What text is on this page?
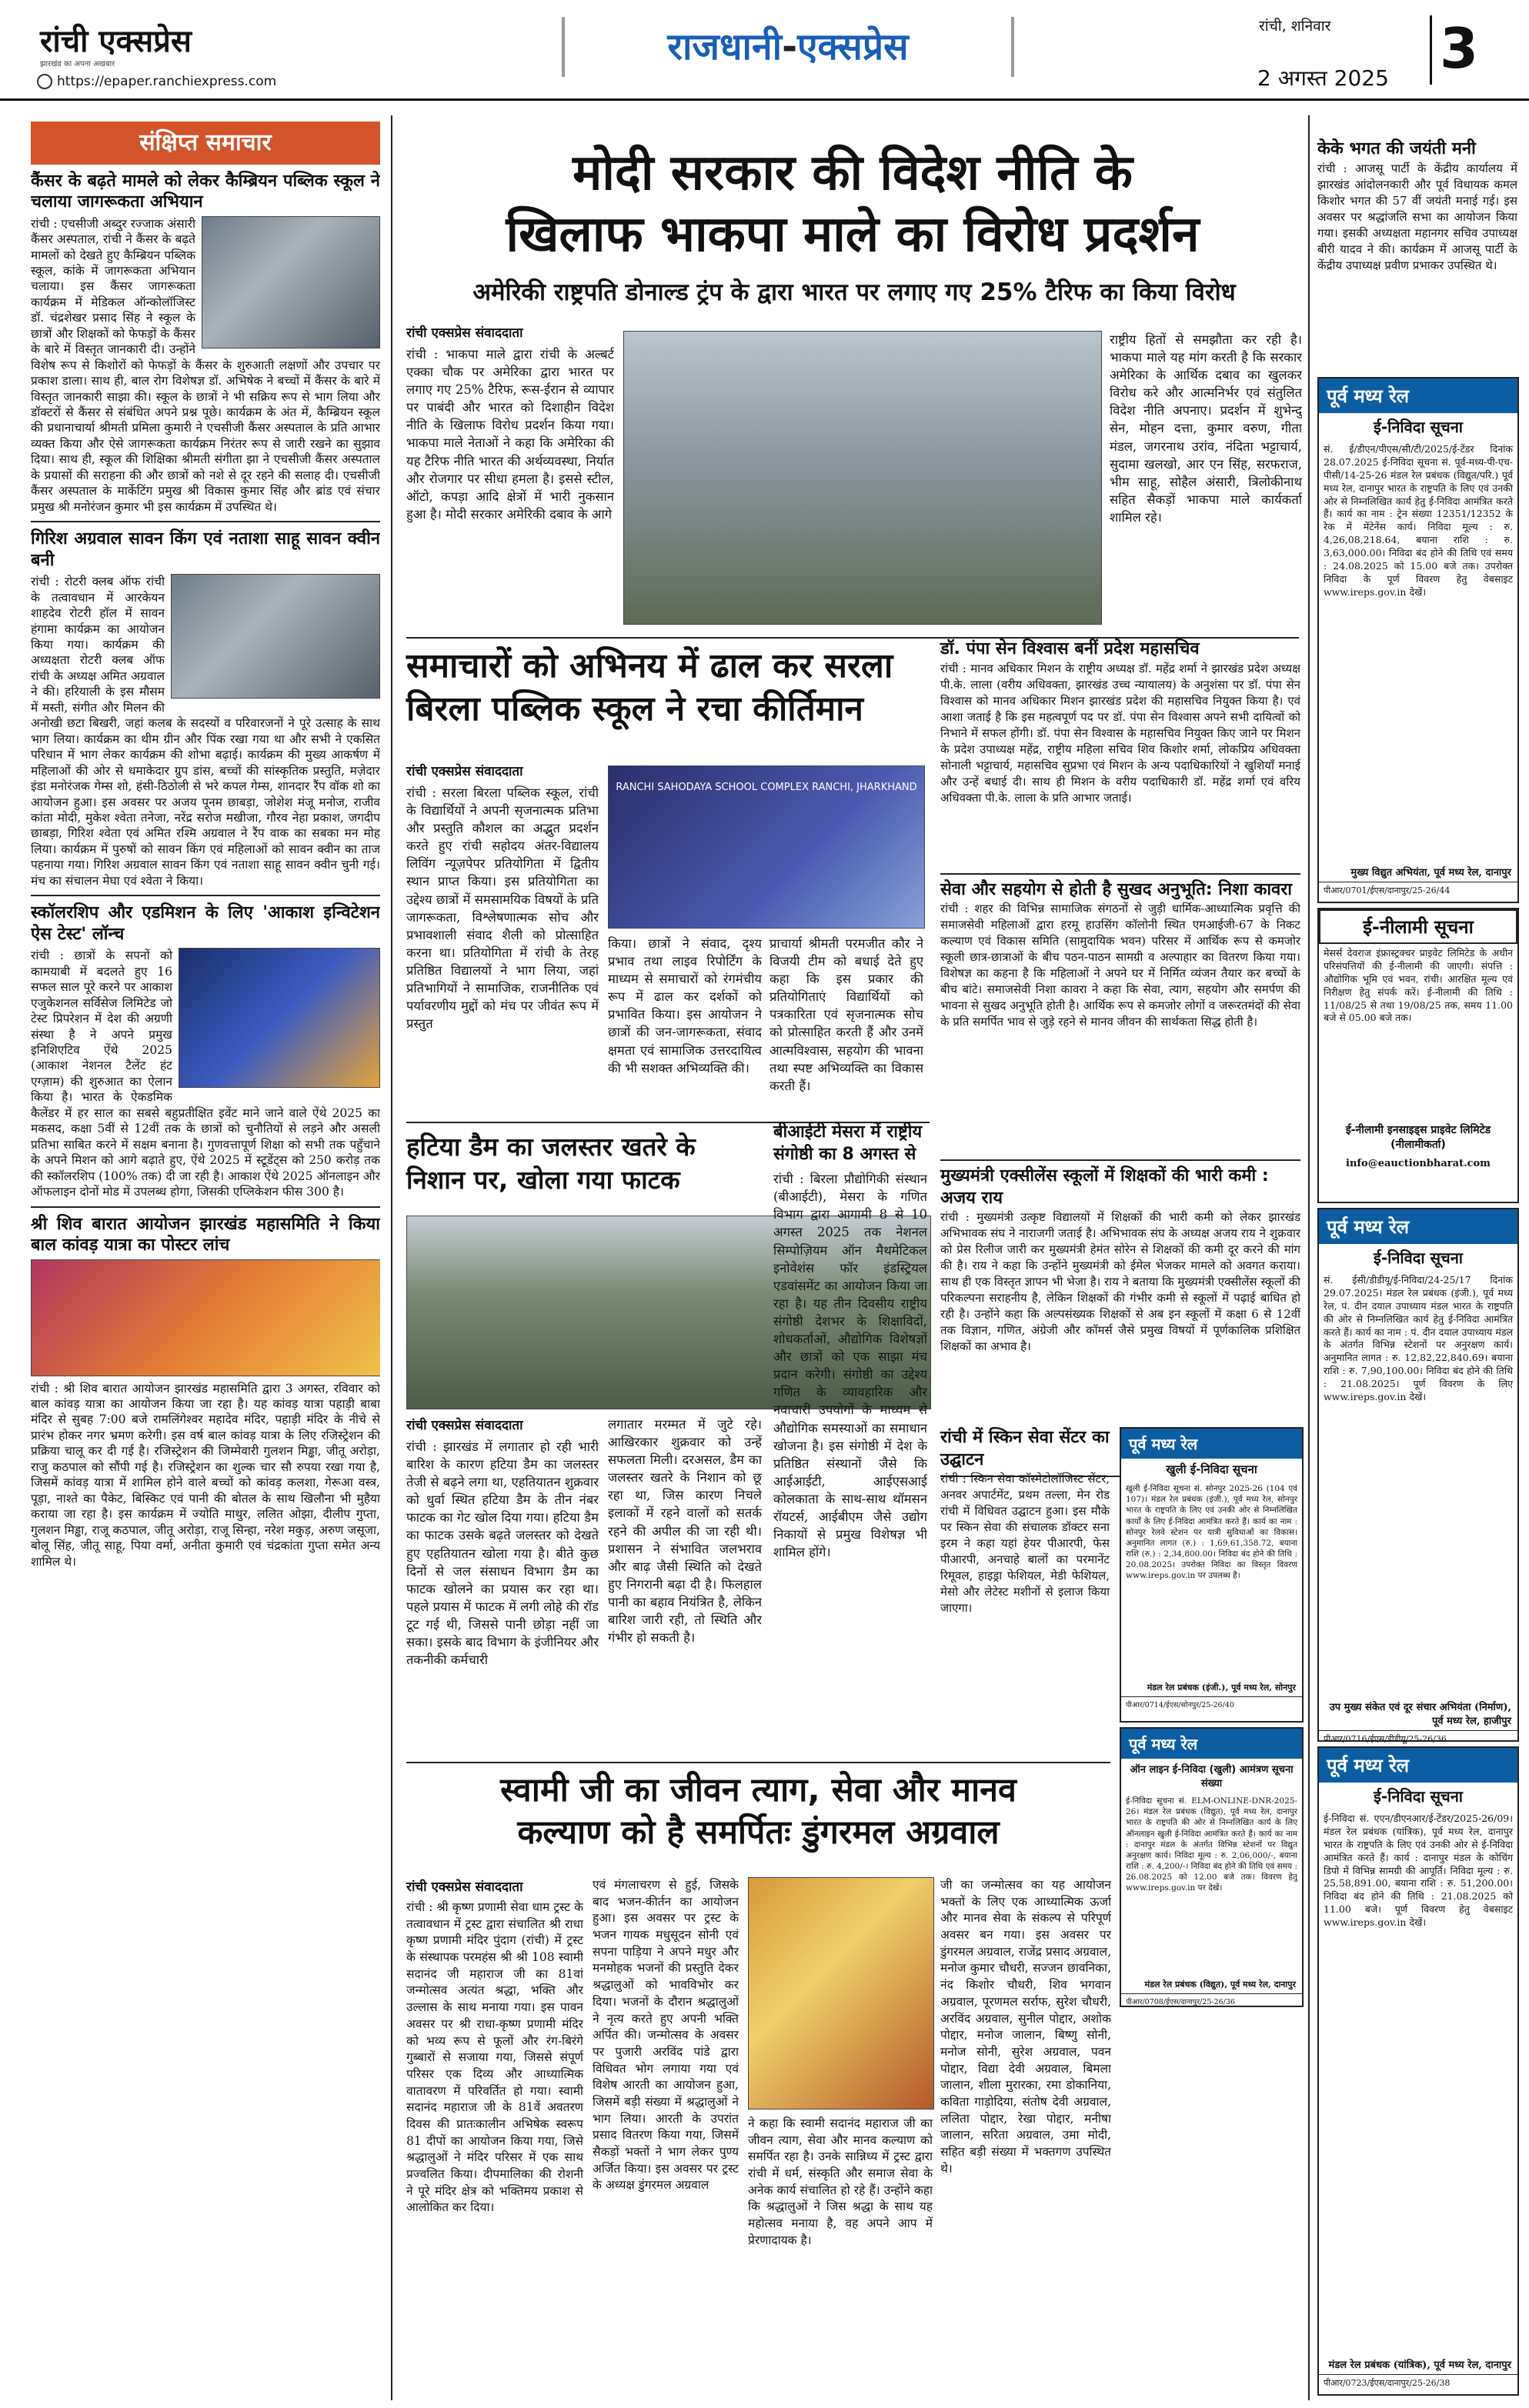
रांची एक्सप्रेस
झारखंड का अपना अखबार
https://epaper.ranchiexpress.com
राजधानी-एक्सप्रेस	रांची, शनिवार
2 अगस्त 2025 3
संक्षिप्त समाचार
कैंसर के बढ़ते मामले को लेकर कैम्ब्रियन पब्लिक स्कूल ने चलाया जागरूकता अभियान
रांची : एचसीजी अब्दुर रज्जाक अंसारी कैंसर अस्पताल, रांची ने कैंसर के बढ़ते मामलों को देखते हुए कैम्ब्रियन पब्लिक स्कूल, कांके में जागरूकता अभियान चलाया। इस कैंसर जागरूकता कार्यक्रम में मेडिकल ऑन्कोलॉजिस्ट डॉ. चंद्रशेखर प्रसाद सिंह ने स्कूल के छात्रों और शिक्षकों को फेफड़ों के कैंसर के बारे में विस्तृत जानकारी दी। उन्होंने विशेष रूप से किशोरों को फेफड़ों के कैंसर के शुरुआती लक्षणों और उपचार पर प्रकाश डाला। साथ ही, बाल रोग विशेषज्ञ डॉ. अभिषेक ने बच्चों में कैंसर के बारे में विस्तृत जानकारी साझा की। स्कूल के छात्रों ने भी सक्रिय रूप से भाग लिया और डॉक्टरों से कैंसर से संबंधित अपने प्रश्न पूछे। कार्यक्रम के अंत में, कैम्ब्रियन स्कूल की प्रधानाचार्या श्रीमती प्रमिला कुमारी ने एचसीजी कैंसर अस्पताल के प्रति आभार व्यक्त किया और ऐसे जागरूकता कार्यक्रम निरंतर रूप से जारी रखने का सुझाव दिया। साथ ही, स्कूल की शिक्षिका श्रीमती संगीता झा ने एचसीजी कैंसर अस्पताल के प्रयासों की सराहना की और छात्रों को नशे से दूर रहने की सलाह दी। एचसीजी कैंसर अस्पताल के मार्केटिंग प्रमुख श्री विकास कुमार सिंह और ब्रांड एवं संचार प्रमुख श्री मनोरंजन कुमार भी इस कार्यक्रम में उपस्थित थे।
गिरिश अग्रवाल सावन किंग एवं नताशा साहू सावन क्वीन बनी
रांची : रोटरी क्लब ऑफ रांची के तत्वावधान में आरकेयन शाहदेव रोटरी हॉल में सावन हंगामा कार्यक्रम का आयोजन किया गया। कार्यक्रम की अध्यक्षता रोटरी क्लब ऑफ रांची के अध्यक्ष अमित अग्रवाल ने की। हरियाली के इस मौसम में मस्ती, संगीत और मिलन की अनोखी छटा बिखरी, जहां कलब के सदस्यों व परिवारजनों ने पूरे उत्साह के साथ भाग लिया। कार्यक्रम का थीम ग्रीन और पिंक रखा गया था और सभी ने एकसित परिधान में भाग लेकर कार्यक्रम की शोभा बढ़ाई। कार्यक्रम की मुख्य आकर्षण में महिलाओं की ओर से धमाकेदार ग्रुप डांस, बच्चों की सांस्कृतिक प्रस्तुति, मज़ेदार इंडा मनोरंजक गेम्स शो, हंसी-ठिठोली से भरे कपल गेम्स, शानदार रैंप वॉक शो का आयोजन हुआ। इस अवसर पर अजय पूनम छाबड़ा, जोशेश मंजू मनोज, राजीव कांता मोदी, मुकेश श्वेता तनेजा, नरेंद्र सरोज मखीजा, गौरव नेहा प्रकाश, जगदीप छाबड़ा, गिरिश श्वेता एवं अमित रश्मि अग्रवाल ने रैंप वाक का सबका मन मोह लिया। कार्यक्रम में पुरुषों को सावन किंग एवं महिलाओं को सावन क्वीन का ताज पहनाया गया। गिरिश अग्रवाल सावन किंग एवं नताशा साहू सावन क्वीन चुनी गई। मंच का संचालन मेघा एवं श्वेता ने किया।
स्कॉलरशिप और एडमिशन के लिए 'आकाश इन्विटेशन ऐस टेस्ट' लॉन्च
रांची : छात्रों के सपनों को कामयाबी में बदलते हुए 16 सफल साल पूरे करने पर आकाश एजुकेशनल सर्विसेज लिमिटेड जो टेस्ट प्रिपरेशन में देश की अग्रणी संस्था है ने अपने प्रमुख इनिशिएटिव ऐंथे 2025 (आकाश नेशनल टैलेंट हंट एग्ज़ाम) की शुरुआत का ऐलान किया है। भारत के ऐकडमिक कैलेंडर में हर साल का सबसे बहुप्रतीक्षित इवेंट माने जाने वाले ऐंथे 2025 का मकसद, कक्षा 5वीं से 12वीं तक के छात्रों को चुनौतियों से लड़ने और असली प्रतिभा साबित करने में सक्षम बनाना है। गुणवत्तापूर्ण शिक्षा को सभी तक पहुँचाने के अपने मिशन को आगे बढ़ाते हुए, ऐंथे 2025 में स्टूडेंट्स को 250 करोड़ तक की स्कॉलरशिप (100% तक) दी जा रही है। आकाश ऐंथे 2025 ऑनलाइन और ऑफलाइन दोनों मोड में उपलब्ध होगा, जिसकी एप्लिकेशन फीस 300 है।
श्री शिव बारात आयोजन झारखंड महासमिति ने किया बाल कांवड़ यात्रा का पोस्टर लांच
रांची : श्री शिव बारात आयोजन झारखंड महासमिति द्वारा 3 अगस्त, रविवार को बाल कांवड़ यात्रा का आयोजन किया जा रहा है। यह कांवड़ यात्रा पहाड़ी बाबा मंदिर से सुबह 7:00 बजे रामलिंगेश्वर महादेव मंदिर, पहाड़ी मंदिर के नीचे से प्रारंभ होकर नगर भ्रमण करेगी। इस वर्ष बाल कांवड़ यात्रा के लिए रजिस्ट्रेशन की प्रक्रिया चालू कर दी गई है। रजिस्ट्रेशन की जिम्मेवारी गुलशन मिड्ढा, जीतू अरोड़ा, राजु कठपाल को सौंपी गई है। रजिस्ट्रेशन का शुल्क चार सौ रुपया रखा गया है, जिसमें कांवड़ यात्रा में शामिल होने वाले बच्चों को कांवड़ कलशा, गेरूआ वस्त्र, पूड़ा, नाश्ते का पैकेट, बिस्किट एवं पानी की बोतल के साथ खिलौना भी मुहैया कराया जा रहा है। इस कार्यक्रम में ज्योति माथुर, ललित ओझा, दीलीप गुप्ता, गुलशन मिड्ढा, राजू कठपाल, जीतू अरोड़ा, राजू सिन्हा, नरेश मकुड़, अरुण जसूजा, बोलू सिंह, जीतू साहू, पिया वर्मा, अनीता कुमारी एवं चंद्रकांता गुप्ता समेत अन्य शामिल थे।
मोदी सरकार की विदेश नीति के
खिलाफ भाकपा माले का विरोध प्रदर्शन
अमेरिकी राष्ट्रपति डोनाल्ड ट्रंप के द्वारा भारत पर लगाए गए 25% टैरिफ का किया विरोध
रांची एक्सप्रेस संवाददाता
रांची : भाकपा माले द्वारा रांची के अल्बर्ट एक्का चौक पर अमेरिका द्वारा भारत पर लगाए गए 25% टैरिफ, रूस-ईरान से व्यापार पर पाबंदी और भारत को दिशाहीन विदेश नीति के खिलाफ विरोध प्रदर्शन किया गया। भाकपा माले नेताओं ने कहा कि अमेरिका की यह टैरिफ नीति भारत की अर्थव्यवस्था, निर्यात और रोजगार पर सीधा हमला है। इससे स्टील, ऑटो, कपड़ा आदि क्षेत्रों में भारी नुकसान हुआ है। मोदी सरकार अमेरिकी दबाव के आगे
राष्ट्रीय हितों से समझौता कर रही है। भाकपा माले यह मांग करती है कि सरकार अमेरिका के आर्थिक दबाव का खुलकर विरोध करे और आत्मनिर्भर एवं संतुलित विदेश नीति अपनाए। प्रदर्शन में शुभेन्दु सेन, मोहन दत्ता, कुमार वरुण, गीता मंडल, जगरनाथ उरांव, नंदिता भट्टाचार्य, सुदामा खलखो, आर एन सिंह, सरफराज, भीम साहू, सोहैल अंसारी, त्रिलोकीनाथ सहित सैकड़ों भाकपा माले कार्यकर्ता शामिल रहे।
समाचारों को अभिनय में ढाल कर सरला
बिरला पब्लिक स्कूल ने रचा कीर्तिमान
रांची एक्सप्रेस संवाददाता
रांची : सरला बिरला पब्लिक स्कूल, रांची के विद्यार्थियों ने अपनी सृजनात्मक प्रतिभा और प्रस्तुति कौशल का अद्भुत प्रदर्शन करते हुए रांची सहोदय अंतर-विद्यालय लिविंग न्यूज़पेपर प्रतियोगिता में द्वितीय स्थान प्राप्त किया। इस प्रतियोगिता का उद्देश्य छात्रों में समसामयिक विषयों के प्रति जागरूकता, विश्लेषणात्मक सोच और प्रभावशाली संवाद शैली को प्रोत्साहित करना था। प्रतियोगिता में रांची के तेरह प्रतिष्ठित विद्यालयों ने भाग लिया, जहां प्रतिभागियों ने सामाजिक, राजनीतिक एवं पर्यावरणीय मुद्दों को मंच पर जीवंत रूप में प्रस्तुत
RANCHI SAHODAYA SCHOOL COMPLEX RANCHI, JHARKHAND
किया। छात्रों ने संवाद, दृश्य प्रभाव तथा लाइव रिपोर्टिंग के माध्यम से समाचारों को रंगमंचीय रूप में ढाल कर दर्शकों को प्रभावित किया। इस आयोजन ने छात्रों की जन-जागरूकता, संवाद क्षमता एवं सामाजिक उत्तरदायित्व की भी सशक्त अभिव्यक्ति की।
प्राचार्या श्रीमती परमजीत कौर ने विजयी टीम को बधाई देते हुए कहा कि इस प्रकार की प्रतियोगिताएं विद्यार्थियों को पत्रकारिता एवं सृजनात्मक सोच को प्रोत्साहित करती हैं और उनमें आत्मविश्वास, सहयोग की भावना तथा स्पष्ट अभिव्यक्ति का विकास करती हैं।
हटिया डैम का जलस्तर खतरे के
निशान पर, खोला गया फाटक
रांची एक्सप्रेस संवाददाता
रांची : झारखंड में लगातार हो रही भारी बारिश के कारण हटिया डैम का जलस्तर तेजी से बढ़ने लगा था, एहतियातन शुक्रवार को धुर्वा स्थित हटिया डैम के तीन नंबर फाटक का गेट खोल दिया गया। हटिया डैम का फाटक उसके बढ़ते जलस्तर को देखते हुए एहतियातन खोला गया है। बीते कुछ दिनों से जल संसाधन विभाग डैम का फाटक खोलने का प्रयास कर रहा था। पहले प्रयास में फाटक में लगी लोहे की रॉड टूट गई थी, जिससे पानी छोड़ा नहीं जा सका। इसके बाद विभाग के इंजीनियर और तकनीकी कर्मचारी
लगातार मरम्मत में जुटे रहे। आखिरकार शुक्रवार को उन्हें सफलता मिली। दरअसल, डैम का जलस्तर खतरे के निशान को छू रहा था, जिस कारण निचले इलाकों में रहने वालों को सतर्क रहने की अपील की जा रही थी। प्रशासन ने संभावित जलभराव और बाढ़ जैसी स्थिति को देखते हुए निगरानी बढ़ा दी है। फिलहाल पानी का बहाव नियंत्रित है, लेकिन बारिश जारी रही, तो स्थिति और गंभीर हो सकती है।
बीआईटी मेसरा में राष्ट्रीय संगोष्ठी का 8 अगस्त से
रांची : बिरला प्रौद्योगिकी संस्थान (बीआईटी), मेसरा के गणित विभाग द्वारा आगामी 8 से 10 अगस्त 2025 तक नेशनल सिम्पोज़ियम ऑन मैथमेटिकल इनोवेशंस फॉर इंडस्ट्रियल एडवांसमेंट का आयोजन किया जा रहा है। यह तीन दिवसीय राष्ट्रीय संगोष्ठी देशभर के शिक्षाविदों, शोधकर्ताओं, औद्योगिक विशेषज्ञों और छात्रों को एक साझा मंच प्रदान करेगी। संगोष्ठी का उद्देश्य गणित के व्यावहारिक और नवाचारी उपयोगों के माध्यम से औद्योगिक समस्याओं का समाधान खोजना है। इस संगोष्ठी में देश के प्रतिष्ठित संस्थानों जैसे कि आईआईटी, आईएसआई कोलकाता के साथ-साथ थॉमसन रॉयटर्स, आईबीएम जैसे उद्योग निकायों से प्रमुख विशेषज्ञ भी शामिल होंगे।
डॉ. पंपा सेन विश्वास बनीं प्रदेश महासचिव
रांची : मानव अधिकार मिशन के राष्ट्रीय अध्यक्ष डॉ. महेंद्र शर्मा ने झारखंड प्रदेश अध्यक्ष पी.के. लाला (वरीय अधिवक्ता, झारखंड उच्च न्यायालय) के अनुशंसा पर डॉ. पंपा सेन विश्वास को मानव अधिकार मिशन झारखंड प्रदेश की महासचिव नियुक्त किया है। एवं आशा जताई है कि इस महत्वपूर्ण पद पर डॉ. पंपा सेन विश्वास अपने सभी दायित्वों को निभाने में सफल होंगी। डॉ. पंपा सेन विश्वास के महासचिव नियुक्त किए जाने पर मिशन के प्रदेश उपाध्यक्ष महेंद्र, राष्ट्रीय महिला सचिव शिव किशोर शर्मा, लोकप्रिय अधिवक्ता सोनाली भट्टाचार्य, महासचिव सुप्रभा एवं मिशन के अन्य पदाधिकारियों ने खुशियाँ मनाई और उन्हें बधाई दी। साथ ही मिशन के वरीय पदाधिकारी डॉ. महेंद्र शर्मा एवं वरिय अधिवक्ता पी.के. लाला के प्रति आभार जताई।
सेवा और सहयोग से होती है सुखद अनुभूति: निशा कावरा
रांची : शहर की विभिन्न सामाजिक संगठनों से जुड़ी धार्मिक-आध्यात्मिक प्रवृत्ति की समाजसेवी महिलाओं द्वारा हरमू हाउसिंग कॉलोनी स्थित एमआईजी-67 के निकट कल्याण एवं विकास समिति (सामुदायिक भवन) परिसर में आर्थिक रूप से कमजोर स्कूली छात्र-छात्राओं के बीच पठन-पाठन सामग्री व अल्पाहार का वितरण किया गया। विशेषज्ञ का कहना है कि महिलाओं ने अपने घर में निर्मित व्यंजन तैयार कर बच्चों के बीच बांटे। समाजसेवी निशा कावरा ने कहा कि सेवा, त्याग, सहयोग और समर्पण की भावना से सुखद अनुभूति होती है। आर्थिक रूप से कमजोर लोगों व जरूरतमंदों की सेवा के प्रति समर्पित भाव से जुड़े रहने से मानव जीवन की सार्थकता सिद्ध होती है।
मुख्यमंत्री एक्सीलेंस स्कूलों में शिक्षकों की भारी कमी : अजय राय
रांची : मुख्यमंत्री उत्कृष्ट विद्यालयों में शिक्षकों की भारी कमी को लेकर झारखंड अभिभावक संघ ने नाराजगी जताई है। अभिभावक संघ के अध्यक्ष अजय राय ने शुक्रवार को प्रेस रिलीज जारी कर मुख्यमंत्री हेमंत सोरेन से शिक्षकों की कमी दूर करने की मांग की है। राय ने कहा कि उन्होंने मुख्यमंत्री को ईमेल भेजकर मामले को अवगत कराया। साथ ही एक विस्तृत ज्ञापन भी भेजा है। राय ने बताया कि मुख्यमंत्री एक्सीलेंस स्कूलों की परिकल्पना सराहनीय है, लेकिन शिक्षकों की गंभीर कमी से स्कूलों में पढ़ाई बाधित हो रही है। उन्होंने कहा कि अल्पसंख्यक शिक्षकों से अब इन स्कूलों में कक्षा 6 से 12वीं तक विज्ञान, गणित, अंग्रेजी और कॉमर्स जैसे प्रमुख विषयों में पूर्णकालिक प्रशिक्षित शिक्षकों का अभाव है।
रांची में स्किन सेवा सेंटर का उद्घाटन
रांची : स्किन सेवा कॉस्मेटोलॉजिस्ट सेंटर, अनवर अपार्टमेंट, प्रथम तल्ला, मेन रोड रांची में विधिवत उद्घाटन हुआ। इस मौके पर स्किन सेवा की संचालक डॉक्टर सना इरम ने कहा यहां हेयर पीआरपी, फेस पीआरपी, अनचाहे बालों का परमानेंट रिमूवल, हाइड्रा फेशियल, मेडी फेशियल, मेसो और लेटेस्ट मशीनों से इलाज किया जाएगा।
पूर्व मध्य रेल
खुली ई-निविदा सूचना
खुली ई-निविदा सूचना सं. सोनपुर 2025-26 (104 एवं 107)। मंडल रेल प्रबंधक (इंजी.), पूर्व मध्य रेल, सोनपुर भारत के राष्ट्रपति के लिए एवं उनकी ओर से निम्नलिखित कार्यों के लिए ई-निविदा आमंत्रित करते हैं। कार्य का नाम : सोनपुर रेलवे स्टेशन पर यात्री सुविधाओं का विकास। अनुमानित लागत (रु.) : 1,69,61,358.72, बयाना राशि (रु.) : 2,34,800.00। निविदा बंद होने की तिथि : 20.08.2025। उपरोक्त निविदा का विस्तृत विवरण www.ireps.gov.in पर उपलब्ध है।
मंडल रेल प्रबंधक (इंजी.), पूर्व मध्य रेल, सोनपुर
पीआर/0714/ईएस/सोनपुर/25-26/40
पूर्व मध्य रेल
ऑन लाइन ई-निविदा (खुली) आमंत्रण सूचना संख्या
ई-निविदा सूचना सं. ELM-ONLINE-DNR-2025-26। मंडल रेल प्रबंधक (विद्युत), पूर्व मध्य रेल, दानापुर भारत के राष्ट्रपति की ओर से निम्नलिखित कार्य के लिए ऑनलाइन खुली ई-निविदा आमंत्रित करते हैं। कार्य का नाम : दानापुर मंडल के अंतर्गत विभिन्न स्टेशनों पर विद्युत अनुरक्षण कार्य। निविदा मूल्य : रु. 2,06,000/-, बयाना राशि : रु. 4,200/-। निविदा बंद होने की तिथि एवं समय : 26.08.2025 को 12.00 बजे तक। विवरण हेतु www.ireps.gov.in पर देखें।
मंडल रेल प्रबंधक (विद्युत), पूर्व मध्य रेल, दानापुर
पीआर/0708/ईएस/दानापुर/25-26/36
स्वामी जी का जीवन त्याग, सेवा और मानव
कल्याण को है समर्पितः डुंगरमल अग्रवाल
रांची एक्सप्रेस संवाददाता
रांची : श्री कृष्ण प्रणामी सेवा धाम ट्रस्ट के तत्वावधान में ट्रस्ट द्वारा संचालित श्री राधा कृष्ण प्रणामी मंदिर पुंदाग (रांची) में ट्रस्ट के संस्थापक परमहंस श्री श्री 108 स्वामी सदानंद जी महाराज जी का 81वां जन्मोत्सव अत्यंत श्रद्धा, भक्ति और उल्लास के साथ मनाया गया। इस पावन अवसर पर श्री राधा-कृष्ण प्रणामी मंदिर को भव्य रूप से फूलों और रंग-बिरंगे गुब्बारों से सजाया गया, जिससे संपूर्ण परिसर एक दिव्य और आध्यात्मिक वातावरण में परिवर्तित हो गया। स्वामी सदानंद महाराज जी के 81वें अवतरण दिवस की प्रातःकालीन अभिषेक स्वरूप 81 दीपों का आयोजन किया गया, जिसे श्रद्धालुओं ने मंदिर परिसर में एक साथ प्रज्वलित किया। दीपमालिका की रोशनी ने पूरे मंदिर क्षेत्र को भक्तिमय प्रकाश से आलोकित कर दिया।
एवं मंगलाचरण से हुई, जिसके बाद भजन-कीर्तन का आयोजन हुआ। इस अवसर पर ट्रस्ट के भजन गायक मधुसूदन सोनी एवं सपना पाड़िया ने अपने मधुर और मनमोहक भजनों की प्रस्तुति देकर श्रद्धालुओं को भावविभोर कर दिया। भजनों के दौरान श्रद्धालुओं ने नृत्य करते हुए अपनी भक्ति अर्पित की। जन्मोत्सव के अवसर पर पुजारी अरविंद पांडे द्वारा विधिवत भोग लगाया गया एवं विशेष आरती का आयोजन हुआ, जिसमें बड़ी संख्या में श्रद्धालुओं ने भाग लिया। आरती के उपरांत प्रसाद वितरण किया गया, जिसमें सैकड़ों भक्तों ने भाग लेकर पुण्य अर्जित किया। इस अवसर पर ट्रस्ट के अध्यक्ष डुंगरमल अग्रवाल
ने कहा कि स्वामी सदानंद महाराज जी का जीवन त्याग, सेवा और मानव कल्याण को समर्पित रहा है। उनके सान्निध्य में ट्रस्ट द्वारा रांची में धर्म, संस्कृति और समाज सेवा के अनेक कार्य संचालित हो रहे हैं। उन्होंने कहा कि श्रद्धालुओं ने जिस श्रद्धा के साथ यह महोत्सव मनाया है, वह अपने आप में प्रेरणादायक है।
जी का जन्मोत्सव का यह आयोजन भक्तों के लिए एक आध्यात्मिक ऊर्जा और मानव सेवा के संकल्प से परिपूर्ण अवसर बन गया। इस अवसर पर डुंगरमल अग्रवाल, राजेंद्र प्रसाद अग्रवाल, मनोज कुमार चौधरी, सज्जन छावनिका, नंद किशोर चौधरी, शिव भगवान अग्रवाल, पूरणमल सर्राफ, सुरेश चौधरी, अरविंद अग्रवाल, सुनील पोद्दार, अशोक पोद्दार, मनोज जालान, बिष्णु सोनी, मनोज सोनी, सुरेश अग्रवाल, पवन पोद्दार, विद्या देवी अग्रवाल, बिमला जालान, शीला मुरारका, रमा डोकानिया, कविता गाड़ोदिया, संतोष देवी अग्रवाल, ललिता पोद्दार, रेखा पोद्दार, मनीषा जालान, सरिता अग्रवाल, उमा मोदी, सहित बड़ी संख्या में भक्तगण उपस्थित थे।
केके भगत की जयंती मनी
रांची : आजसू पार्टी के केंद्रीय कार्यालय में झारखंड आंदोलनकारी और पूर्व विधायक कमल किशोर भगत की 57 वीं जयंती मनाई गई। इस अवसर पर श्रद्धांजलि सभा का आयोजन किया गया। इसकी अध्यक्षता महानगर सचिव उपाध्यक्ष बीरी यादव ने की। कार्यक्रम में आजसू पार्टी के केंद्रीय उपाध्यक्ष प्रवीण प्रभाकर उपस्थित थे।
पूर्व मध्य रेल
ई-निविदा सूचना
सं. ई/डीएन/पीएस/सी/टी/2025/ई-टेंडर दिनांक 28.07.2025 ई-निविदा सूचना सं. पूर्व-मध्य-पी-एच-पीसी/14-25-26 मंडल रेल प्रबंधक (विद्युत/परि.) पूर्व मध्य रेल, दानापुर भारत के राष्ट्रपति के लिए एवं उनकी ओर से निम्नलिखित कार्य हेतु ई-निविदा आमंत्रित करते हैं। कार्य का नाम : ट्रेन संख्या 12351/12352 के रेक में मेंटेनेंस कार्य। निविदा मूल्य : रु. 4,26,08,218.64, बयाना राशि : रु. 3,63,000.00। निविदा बंद होने की तिथि एवं समय : 24.08.2025 को 15.00 बजे तक। उपरोक्त निविदा के पूर्ण विवरण हेतु वेबसाइट www.ireps.gov.in देखें।
मुख्य विद्युत अभियंता, पूर्व मध्य रेल, दानापुर
पीआर/0701/ईएस/दानापुर/25-26/44
ई-नीलामी सूचना
मेसर्स देवराज इंफ्रास्ट्रक्चर प्राइवेट लिमिटेड के अधीन परिसंपत्तियों की ई-नीलामी की जाएगी। संपत्ति : औद्योगिक भूमि एवं भवन, रांची। आरक्षित मूल्य एवं निरीक्षण हेतु संपर्क करें। ई-नीलामी की तिथि : 11/08/25 से तथा 19/08/25 तक, समय 11.00 बजे से 05.00 बजे तक।
ई-नीलामी इनसाइड्स प्राइवेट लिमिटेड (नीलामीकर्ता)
info@eauctionbharat.com
पूर्व मध्य रेल
ई-निविदा सूचना
सं. ईसी/डीडीयू/ई-निविदा/24-25/17 दिनांक 29.07.2025। मंडल रेल प्रबंधक (इंजी.), पूर्व मध्य रेल, पं. दीन दयाल उपाध्याय मंडल भारत के राष्ट्रपति की ओर से निम्नलिखित कार्य हेतु ई-निविदा आमंत्रित करते हैं। कार्य का नाम : पं. दीन दयाल उपाध्याय मंडल के अंतर्गत विभिन्न स्टेशनों पर अनुरक्षण कार्य। अनुमानित लागत : रु. 12,82,22,840.69। बयाना राशि : रु. 7,90,100.00। निविदा बंद होने की तिथि : 21.08.2025। पूर्ण विवरण के लिए www.ireps.gov.in देखें।
उप मुख्य संकेत एवं दूर संचार अभियंता (निर्माण), पूर्व मध्य रेल, हाजीपुर
पीआर/0716/ईएस/डीडीयू/25-26/36
पूर्व मध्य रेल
ई-निविदा सूचना
ई-निविदा सं. एएन/डीएनआर/ई-टेंडर/2025-26/09। मंडल रेल प्रबंधक (यांत्रिक), पूर्व मध्य रेल, दानापुर भारत के राष्ट्रपति के लिए एवं उनकी ओर से ई-निविदा आमंत्रित करते हैं। कार्य : दानापुर मंडल के कोचिंग डिपो में विभिन्न सामग्री की आपूर्ति। निविदा मूल्य : रु. 25,58,891.00, बयाना राशि : रु. 51,200.00। निविदा बंद होने की तिथि : 21.08.2025 को 11.00 बजे। पूर्ण विवरण हेतु वेबसाइट www.ireps.gov.in देखें।
मंडल रेल प्रबंधक (यांत्रिक), पूर्व मध्य रेल, दानापुर
पीआर/0723/ईएस/दानापुर/25-26/38
